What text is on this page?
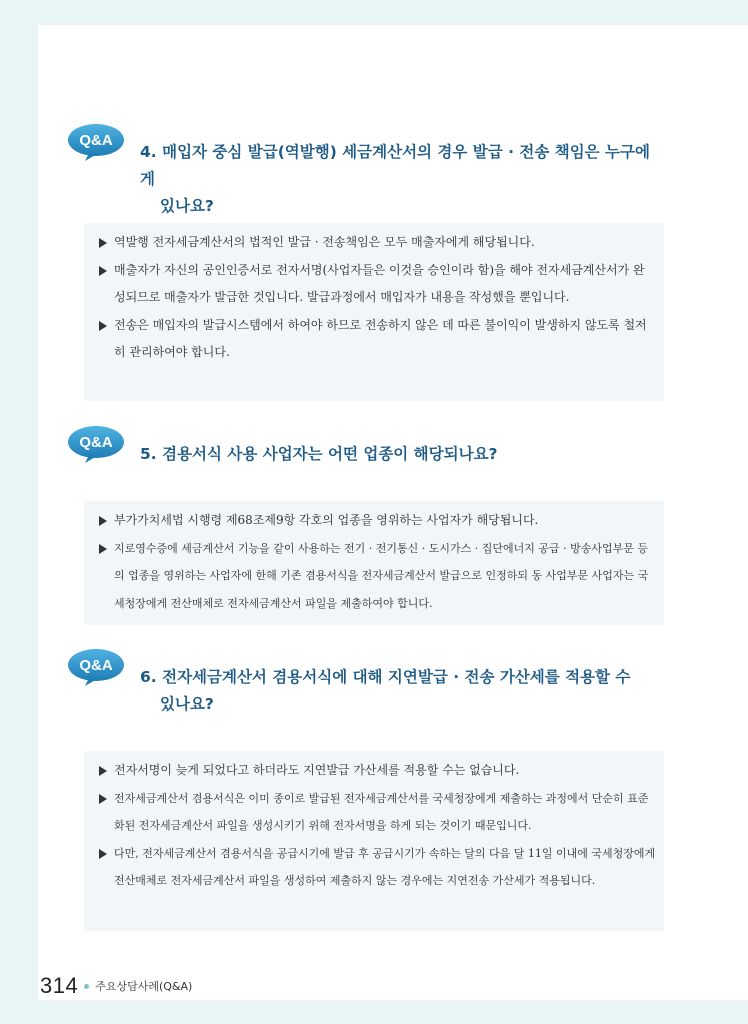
Q&A
4. 매입자 중심 발급(역발행) 세금계산서의 경우 발급 · 전송 책임은 누구에게
있나요?
역발행 전자세금계산서의 법적인 발급 · 전송책임은 모두 매출자에게 해당됩니다.
매출자가 자신의 공인인증서로 전자서명(사업자들은 이것을 승인이라 함)을 해야 전자세금계산서가 완성되므로 매출자가 발급한 것입니다. 발급과정에서 매입자가 내용을 작성했을 뿐입니다.
전송은 매입자의 발급시스템에서 하여야 하므로 전송하지 않은 데 따른 불이익이 발생하지 않도록 철저히 관리하여야 합니다.
Q&A
5. 겸용서식 사용 사업자는 어떤 업종이 해당되나요?
부가가치세법 시행령 제68조제9항 각호의 업종을 영위하는 사업자가 해당됩니다.
지로영수증에 세금계산서 기능을 같이 사용하는 전기 · 전기통신 · 도시가스 · 집단에너지 공급 · 방송사업부문 등의 업종을 영위하는 사업자에 한해 기존 겸용서식을 전자세금계산서 발급으로 인정하되 동 사업부문 사업자는 국세청장에게 전산매체로 전자세금계산서 파일을 제출하여야 합니다.
Q&A
6. 전자세금계산서 겸용서식에 대해 지연발급 · 전송 가산세를 적용할 수
있나요?
전자서명이 늦게 되었다고 하더라도 지연발급 가산세를 적용할 수는 없습니다.
전자세금계산서 겸용서식은 이미 종이로 발급된 전자세금계산서를 국세청장에게 제출하는 과정에서 단순히 표준화된 전자세금계산서 파일을 생성시키기 위해 전자서명을 하게 되는 것이기 때문입니다.
다만, 전자세금계산서 겸용서식을 공급시기에 발급 후 공급시기가 속하는 달의 다음 달 11일 이내에 국세청장에게 전산매체로 전자세금계산서 파일을 생성하여 제출하지 않는 경우에는 지연전송 가산세가 적용됩니다.
314 주요상담사례(Q&A)
